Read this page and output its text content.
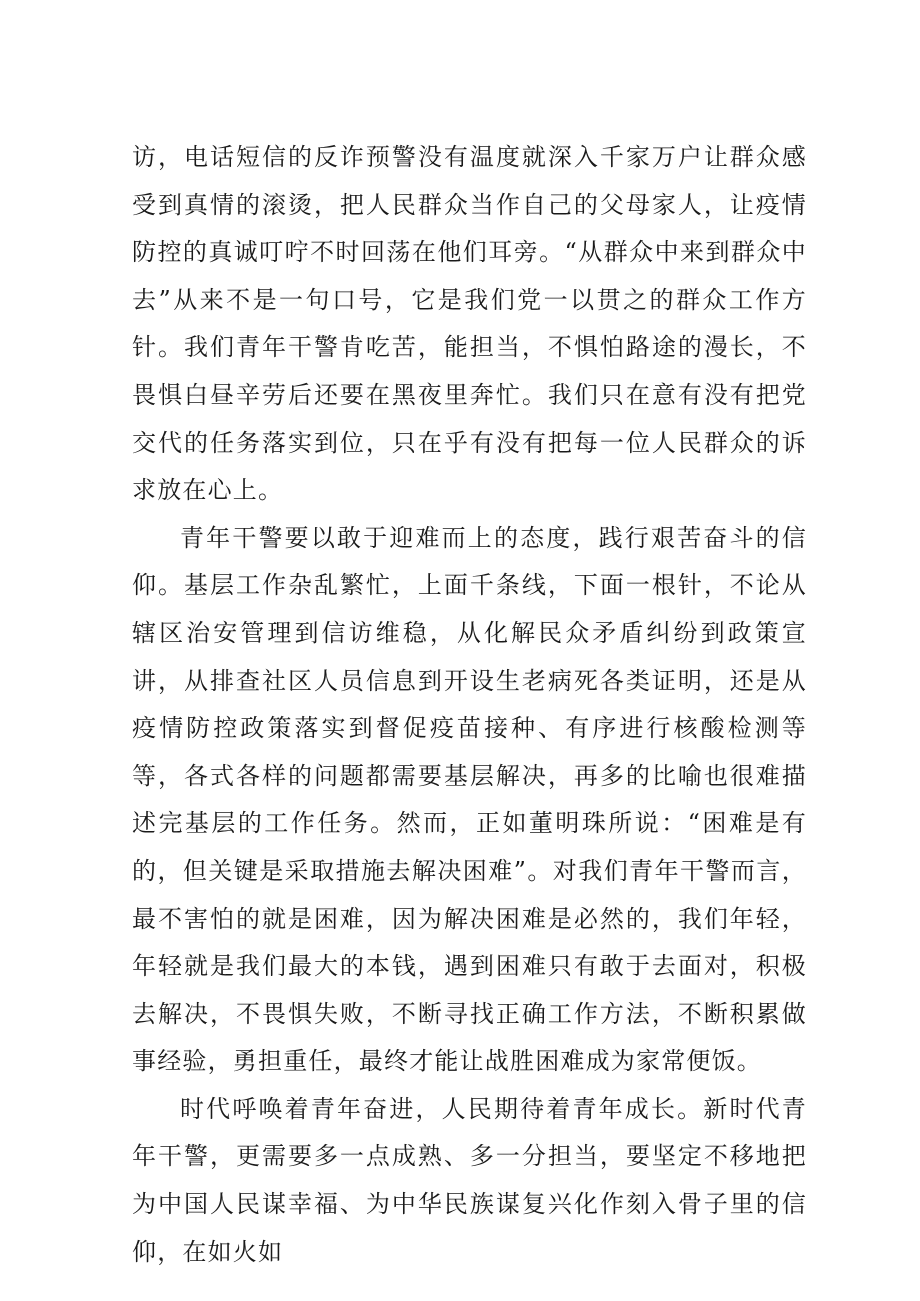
访，电话短信的反诈预警没有温度就深入千家万户让群众感受到真情的滚烫，把人民群众当作自己的父母家人，让疫情防控的真诚叮咛不时回荡在他们耳旁。“从群众中来到群众中去”从来不是一句口号，它是我们党一以贯之的群众工作方针。我们青年干警肯吃苦，能担当，不惧怕路途的漫长，不畏惧白昼辛劳后还要在黑夜里奔忙。我们只在意有没有把党交代的任务落实到位，只在乎有没有把每一位人民群众的诉求放在心上。

青年干警要以敢于迎难而上的态度，践行艰苦奋斗的信仰。基层工作杂乱繁忙，上面千条线，下面一根针，不论从辖区治安管理到信访维稳，从化解民众矛盾纠纷到政策宣讲，从排查社区人员信息到开设生老病死各类证明，还是从疫情防控政策落实到督促疫苗接种、有序进行核酸检测等等，各式各样的问题都需要基层解决，再多的比喻也很难描述完基层的工作任务。然而，正如董明珠所说：“困难是有的，但关键是采取措施去解决困难”。对我们青年干警而言，最不害怕的就是困难，因为解决困难是必然的，我们年轻，年轻就是我们最大的本钱，遇到困难只有敢于去面对，积极去解决，不畏惧失败，不断寻找正确工作方法，不断积累做事经验，勇担重任，最终才能让战胜困难成为家常便饭。

时代呼唤着青年奋进，人民期待着青年成长。新时代青年干警，更需要多一点成熟、多一分担当，要坚定不移地把为中国人民谋幸福、为中华民族谋复兴化作刻入骨子里的信仰，在如火如
